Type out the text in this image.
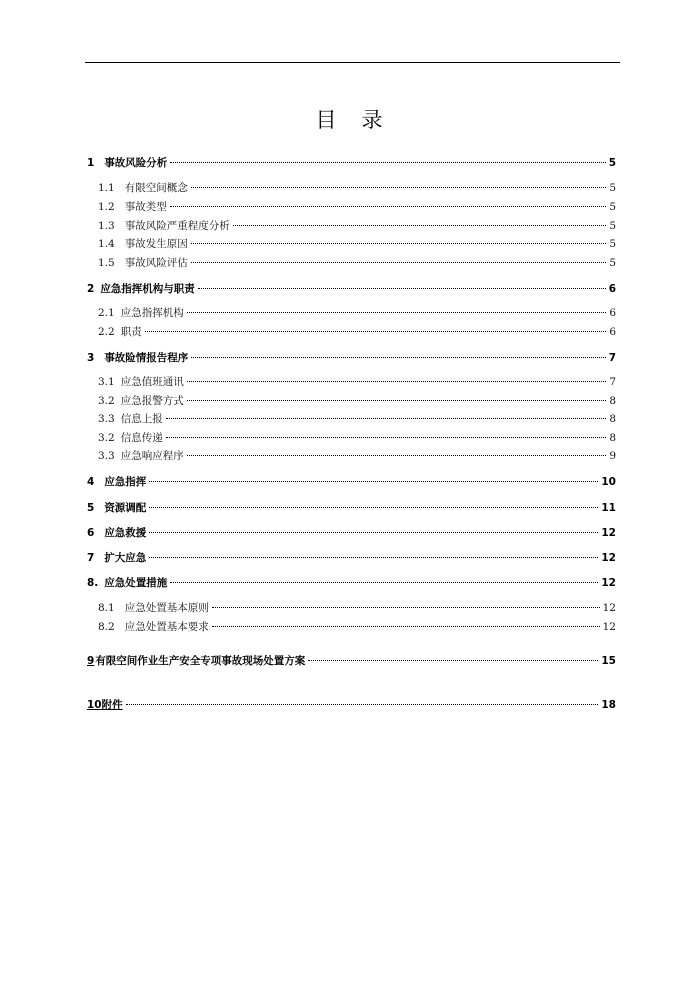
目　录
1 事故风险分析	5
1.1 有限空间概念	5
1.2 事故类型	5
1.3 事故风险严重程度分析	5
1.4 事故发生原因	5
1.5 事故风险评估	5
2 应急指挥机构与职责	6
2.1 应急指挥机构	6
2.2 职责	6
3 事故险情报告程序	7
3.1 应急值班通讯	7
3.2 应急报警方式	8
3.3 信息上报	8
3.2 信息传递	8
3.3 应急响应程序	9
4 应急指挥	10
5 资源调配	11
6 应急救援	12
7 扩大应急	12
8. 应急处置措施	12
8.1 应急处置基本原则	12
8.2 应急处置基本要求	12
9 有限空间作业生产安全专项事故现场处置方案	15
10 附件	18
